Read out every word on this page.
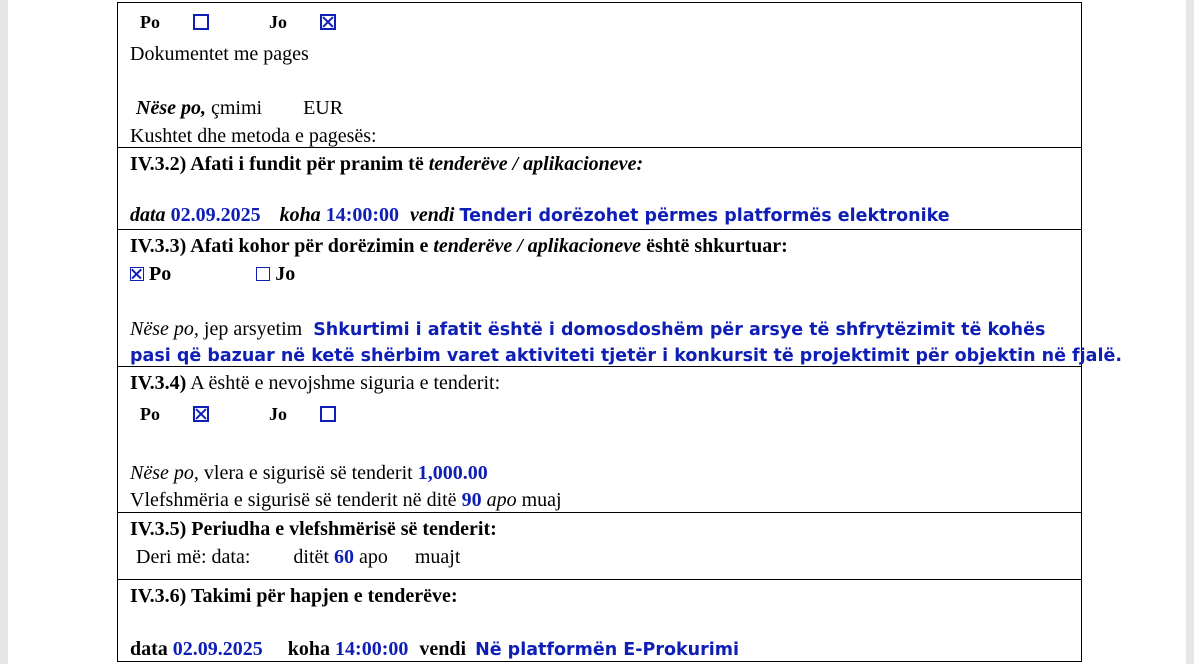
Po	Jo
Dokumentet me pages
Nëse po, çmimi EUR
Kushtet dhe metoda e pagesës:
IV.3.2) Afati i fundit për pranim të tenderëve / aplikacioneve:
data 02.09.2025 koha 14:00:00 vendi Tenderi dorëzohet përmes platformës elektronike
IV.3.3) Afati kohor për dorëzimin e tenderëve / aplikacioneve është shkurtuar:
Po	Jo
Nëse po, jep arsyetim Shkurtimi i afatit është i domosdoshëm për arsye të shfrytëzimit të kohës
pasi që bazuar në ketë shërbim varet aktiviteti tjetër i konkursit të projektimit për objektin në fjalë.
IV.3.4) A është e nevojshme siguria e tenderit:
Po	Jo
Nëse po, vlera e sigurisë së tenderit 1,000.00
Vlefshmëria e sigurisë së tenderit në ditë 90 apo muaj
IV.3.5) Periudha e vlefshmërisë së tenderit:
Deri më: data: ditët 60 apo muajt
IV.3.6) Takimi për hapjen e tenderëve:
data 02.09.2025 koha 14:00:00 vendi Në platformën E-Prokurimi
